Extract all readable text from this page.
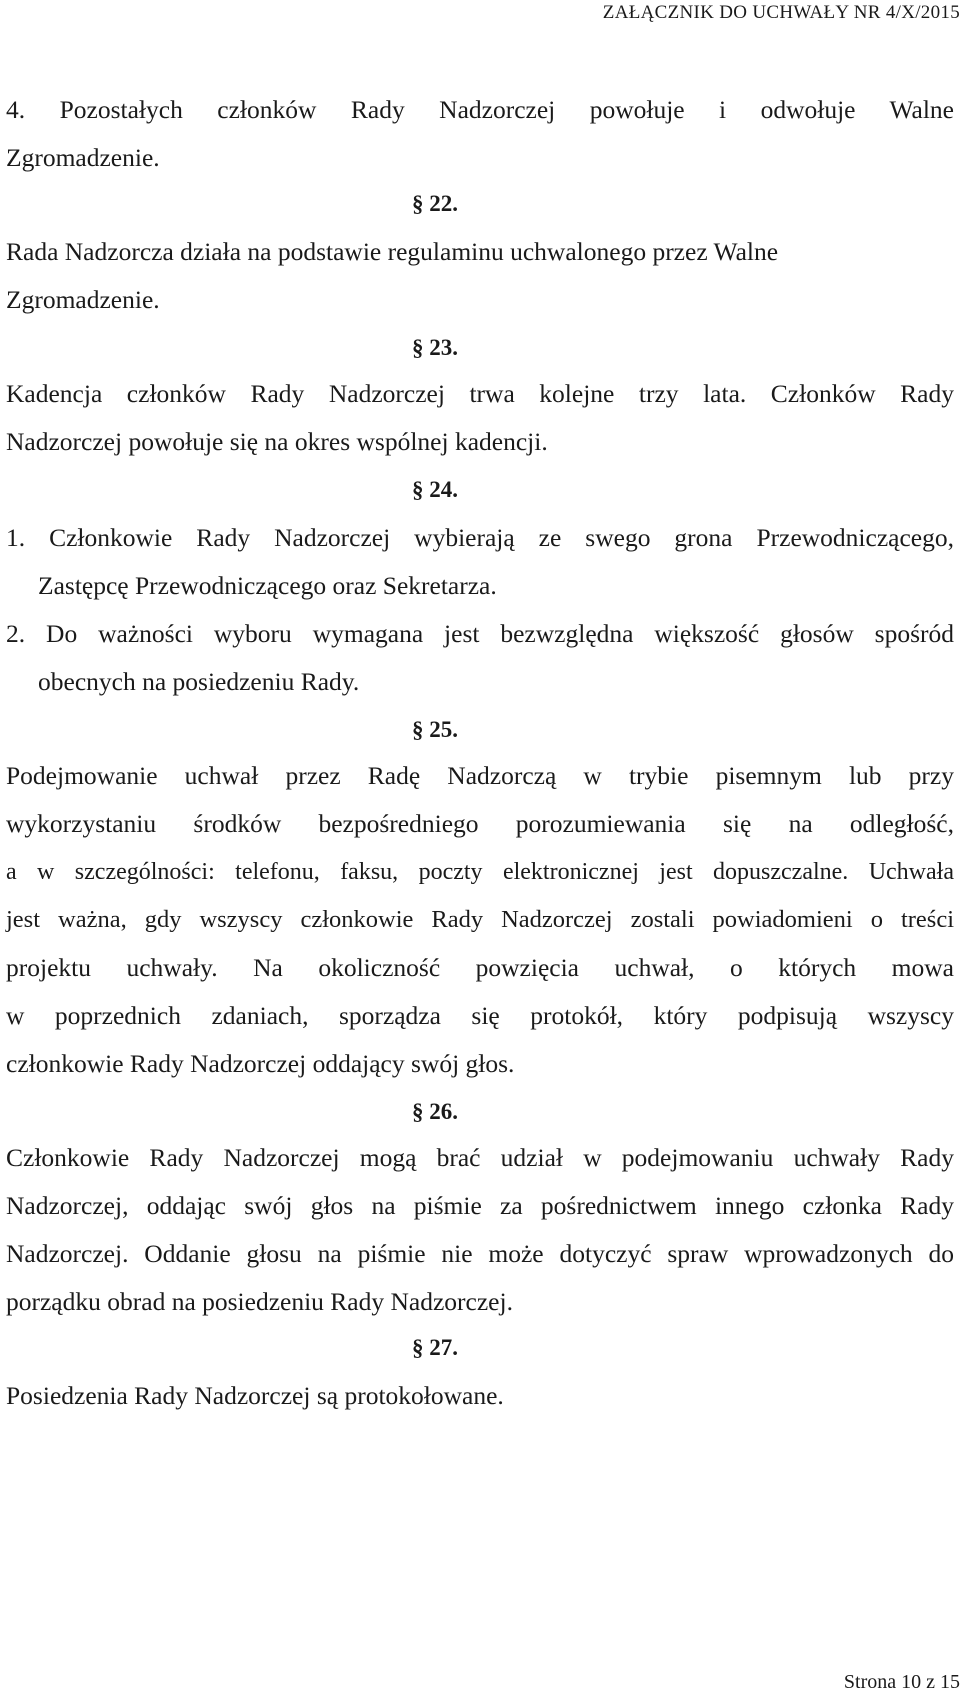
ZAŁĄCZNIK DO UCHWAŁY NR 4/X/2015
4. Pozostałych członków Rady Nadzorczej powołuje i odwołuje Walne
Zgromadzenie.
§ 22.
Rada Nadzorcza działa na podstawie regulaminu uchwalonego przez Walne
Zgromadzenie.
§ 23.
Kadencja członków Rady Nadzorczej trwa kolejne trzy lata. Członków Rady
Nadzorczej powołuje się na okres wspólnej kadencji.
§ 24.
1. Członkowie Rady Nadzorczej wybierają ze swego grona Przewodniczącego,
Zastępcę Przewodniczącego oraz Sekretarza.
2. Do ważności wyboru wymagana jest bezwzględna większość głosów spośród
obecnych na posiedzeniu Rady.
§ 25.
Podejmowanie uchwał przez Radę Nadzorczą w trybie pisemnym lub przy
wykorzystaniu środków bezpośredniego porozumiewania się na odległość,
a w szczególności: telefonu, faksu, poczty elektronicznej jest dopuszczalne. Uchwała
jest ważna, gdy wszyscy członkowie Rady Nadzorczej zostali powiadomieni o treści
projektu uchwały. Na okoliczność powzięcia uchwał, o których mowa
w poprzednich zdaniach, sporządza się protokół, który podpisują wszyscy
członkowie Rady Nadzorczej oddający swój głos.
§ 26.
Członkowie Rady Nadzorczej mogą brać udział w podejmowaniu uchwały Rady
Nadzorczej, oddając swój głos na piśmie za pośrednictwem innego członka Rady
Nadzorczej. Oddanie głosu na piśmie nie może dotyczyć spraw wprowadzonych do
porządku obrad na posiedzeniu Rady Nadzorczej.
§ 27.
Posiedzenia Rady Nadzorczej są protokołowane.
Strona 10 z 15
